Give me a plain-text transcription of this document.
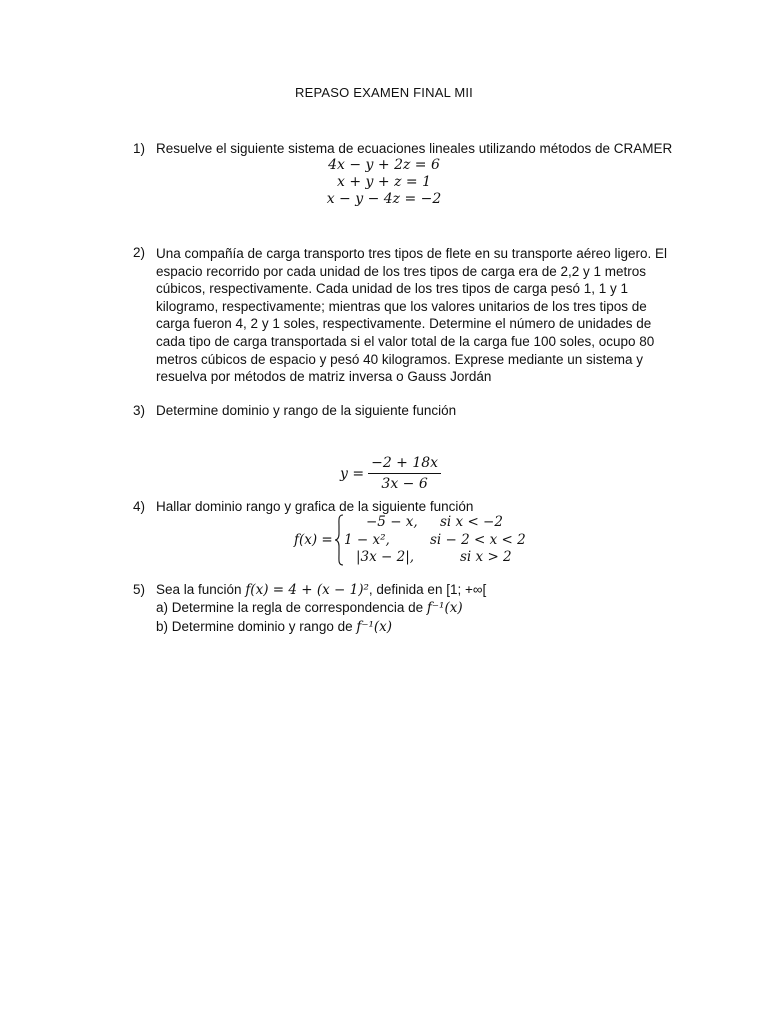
REPASO EXAMEN FINAL MII
1) Resuelve el siguiente sistema de ecuaciones lineales utilizando métodos de CRAMER
4x − y + 2z = 6
x + y + z = 1
x − y − 4z = −2
2) Una compañía de carga transporto tres tipos de flete en su transporte aéreo ligero. El
espacio recorrido por cada unidad de los tres tipos de carga era de 2,2 y 1 metros
cúbicos, respectivamente. Cada unidad de los tres tipos de carga pesó 1, 1 y 1
kilogramo, respectivamente; mientras que los valores unitarios de los tres tipos de
carga fueron 4, 2 y 1 soles, respectivamente. Determine el número de unidades de
cada tipo de carga transportada si el valor total de la carga fue 100 soles, ocupo 80
metros cúbicos de espacio y pesó 40 kilogramos. Exprese mediante un sistema y
resuelva por métodos de matriz inversa o Gauss Jordán
3) Determine dominio y rango de la siguiente función
$y = \frac{-2 + 18x}{3x - 6}$
4) Hallar dominio rango y grafica de la siguiente función
f(x) =
−5 − x, si x < −2
1 − x²,	si − 2 < x < 2
|3x − 2|,	si x > 2
5) Sea la función f(x) = 4 + (x − 1)², definida en [1; +∞[
a) Determine la regla de correspondencia de f⁻¹(x)
b) Determine dominio y rango de f⁻¹(x)
